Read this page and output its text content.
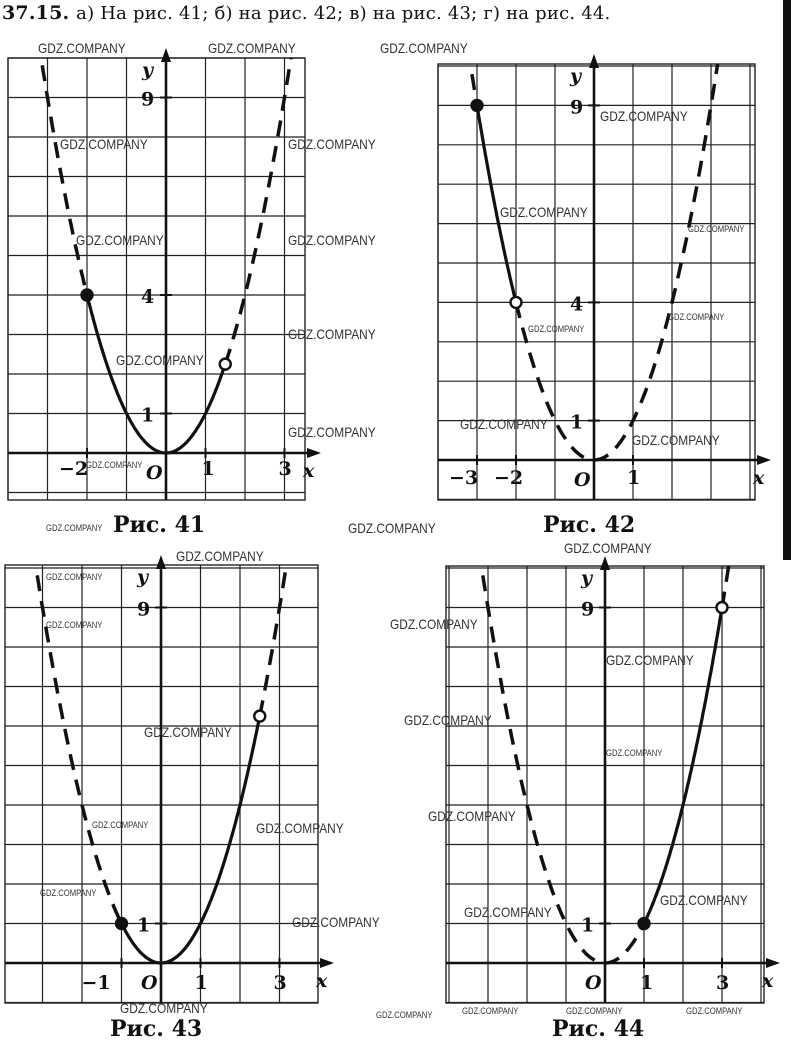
37.15. а) На рис. 41; б) на рис. 42; в) на рис. 43; г) на рис. 44.
x
y
O
−2	1	3
9
4
1
x
y
O
−3 −2	1
9
4
1
x
y
O
−1	1	3
9
1
x
y
O 1	3
9
1
Рис. 41	Рис. 42
Рис. 43	Рис. 44
GDZ.COMPANY	GDZ.COMPANY	GDZ.COMPANY
GDZ.COMPANY	GDZ.COMPANY
GDZ.COMPANY	GDZ.COMPANY
GDZ.COMPANY
GDZ.COMPANY
GDZ.COMPANY
GDZ.COMPANY
GDZ.COMPANY	GDZ.COMPANY
GDZ.COMPANY	GDZ.COMPANY
GDZ.COMPANY
GDZ.COMPANY
GDZ.COMPANY
GDZ.COMPANY
GDZ.COMPANY
GDZ.COMPANY
GDZ.COMPANY
GDZ.COMPANY
GDZ.COMPANY	GDZ.COMPANY
GDZ.COMPANY
GDZ.COMPANY
GDZ.COMPANY
GDZ.COMPANY
GDZ.COMPANY	GDZ.COMPANY
GDZ.COMPANY
GDZ.COMPANY	GDZ.COMPANY
GDZ.COMPANY
GDZ.COMPANY
GDZ.COMPANY	GDZ.COMPANY	GDZ.COMPANY	GDZ.COMPANY	GDZ.COMPANY
